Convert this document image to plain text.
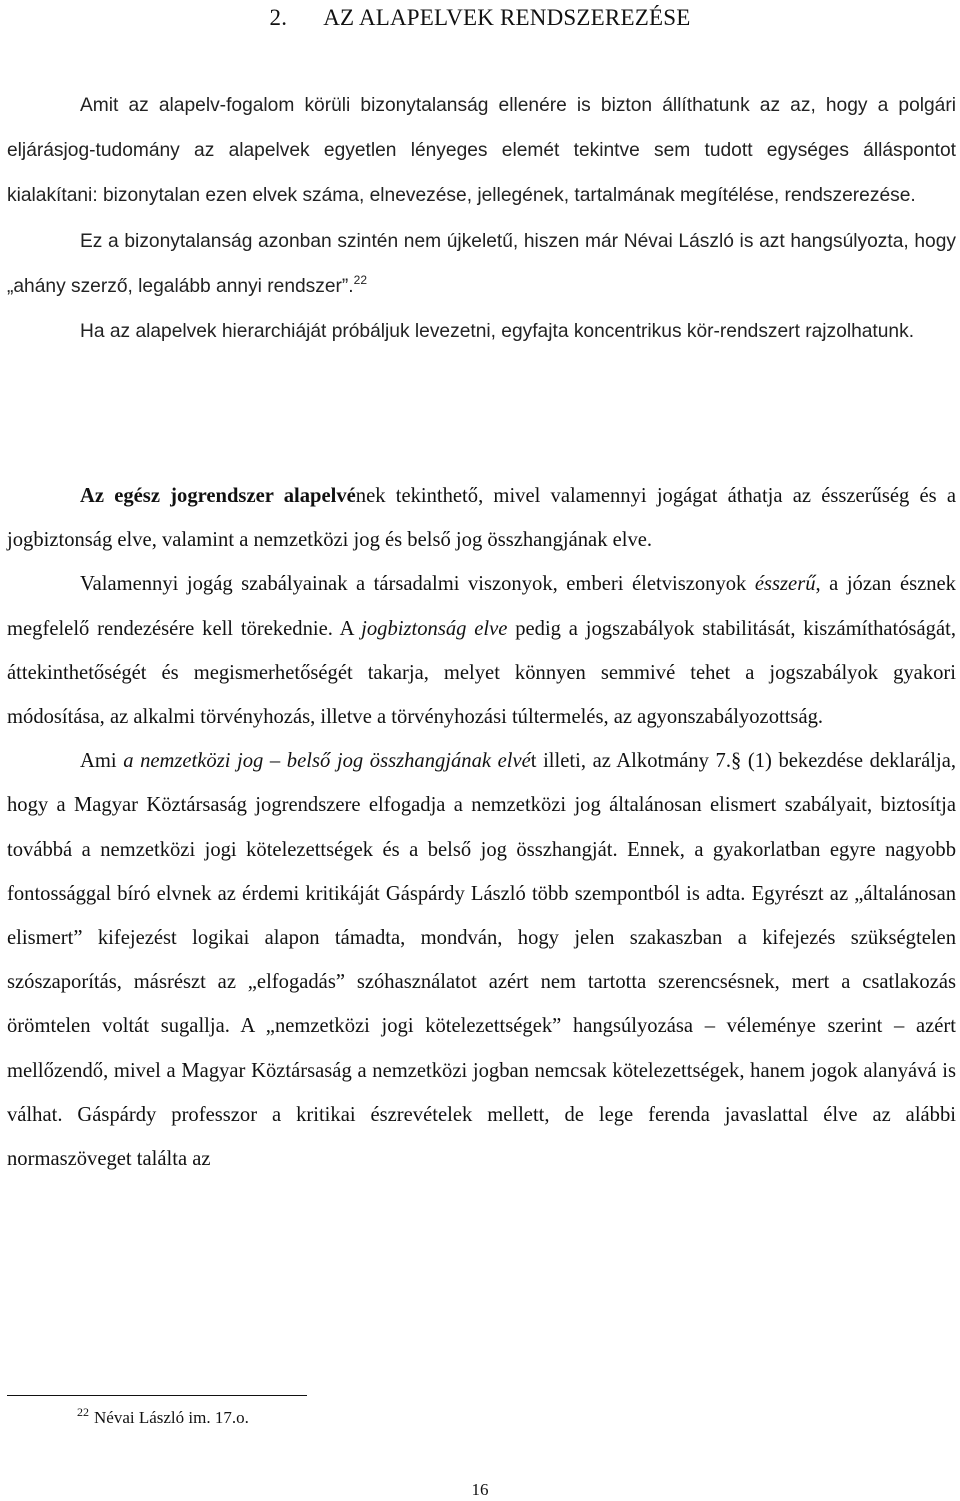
2. AZ ALAPELVEK RENDSZEREZÉSE

Amit az alapelv-fogalom körüli bizonytalanság ellenére is bizton állíthatunk az az, hogy a polgári eljárásjog-tudomány az alapelvek egyetlen lényeges elemét tekintve sem tudott egységes álláspontot kialakítani: bizonytalan ezen elvek száma, elnevezése, jellegének, tartalmának megítélése, rendszerezése.

Ez a bizonytalanság azonban szintén nem újkeletű, hiszen már Névai László is azt hangsúlyozta, hogy „ahány szerző, legalább annyi rendszer”.$^{22}$

Ha az alapelvek hierarchiáját próbáljuk levezetni, egyfajta koncentrikus kör-rendszert rajzolhatunk.

Az egész jogrendszer alapelvének tekinthető, mivel valamennyi jogágat áthatja az ésszerűség és a jogbiztonság elve, valamint a nemzetközi jog és belső jog összhangjának elve.

Valamennyi jogág szabályainak a társadalmi viszonyok, emberi életviszonyok ésszerű, a józan észnek megfelelő rendezésére kell törekednie. A jogbiztonság elve pedig a jogszabályok stabilitását, kiszámíthatóságát, áttekinthetőségét és megismerhetőségét takarja, melyet könnyen semmivé tehet a jogszabályok gyakori módosítása, az alkalmi törvényhozás, illetve a törvényhozási túltermelés, az agyonszabályozottság.

Ami a nemzetközi jog – belső jog összhangjának elvét illeti, az Alkotmány 7.§ (1) bekezdése deklarálja, hogy a Magyar Köztársaság jogrendszere elfogadja a nemzetközi jog általánosan elismert szabályait, biztosítja továbbá a nemzetközi jogi kötelezettségek és a belső jog összhangját. Ennek, a gyakorlatban egyre nagyobb fontossággal bíró elvnek az érdemi kritikáját Gáspárdy László több szempontból is adta. Egyrészt az „általánosan elismert” kifejezést logikai alapon támadta, mondván, hogy jelen szakaszban a kifejezés szükségtelen szószaporítás, másrészt az „elfogadás” szóhasználatot azért nem tartotta szerencsésnek, mert a csatlakozás örömtelen voltát sugallja. A „nemzetközi jogi kötelezettségek” hangsúlyozása – véleménye szerint – azért mellőzendő, mivel a Magyar Köztársaság a nemzetközi jogban nemcsak kötelezettségek, hanem jogok alanyává is válhat. Gáspárdy professzor a kritikai észrevételek mellett, de lege ferenda javaslattal élve az alábbi normaszöveget találta az

$^{22}$ Névai László im. 17.o.
16
